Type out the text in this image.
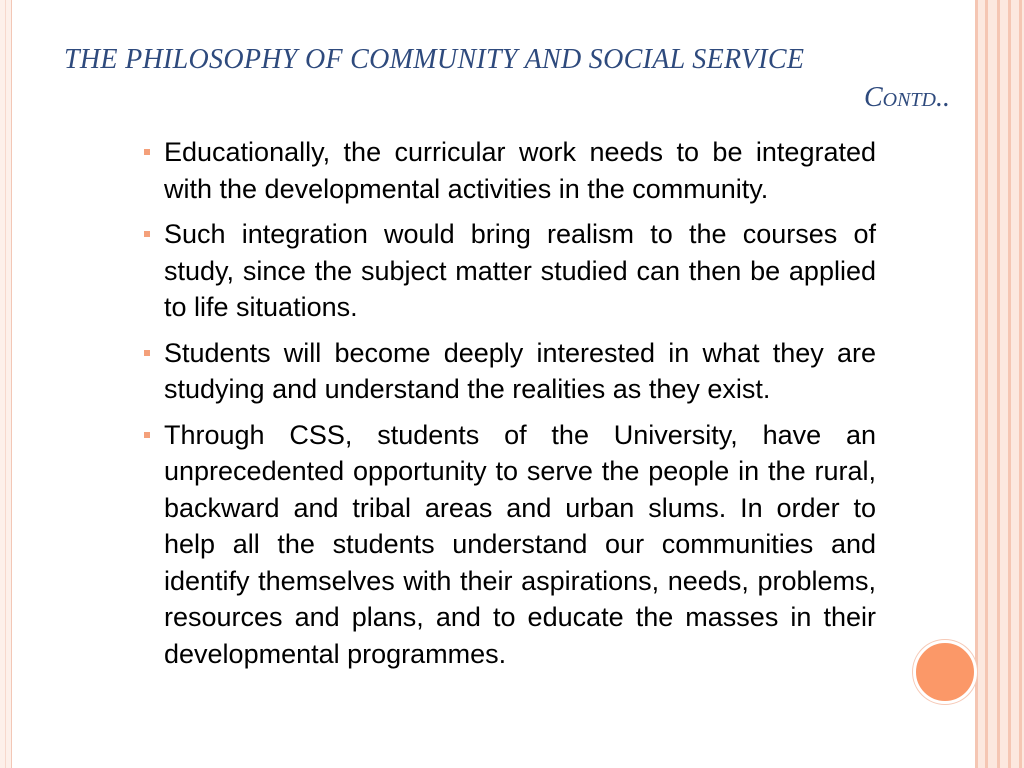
THE PHILOSOPHY OF COMMUNITY AND SOCIAL SERVICE
Contd..
Educationally, the curricular work needs to be integrated with the developmental activities in the community.
Such integration would bring realism to the courses of study, since the subject matter studied can then be applied to life situations.
Students will become deeply interested in what they are studying and understand the realities as they exist.
Through CSS, students of the University, have an unprecedented opportunity to serve the people in the rural, backward and tribal areas and urban slums. In order to help all the students understand our communities and identify themselves with their aspirations, needs, problems, resources and plans, and to educate the masses in their developmental programmes.
